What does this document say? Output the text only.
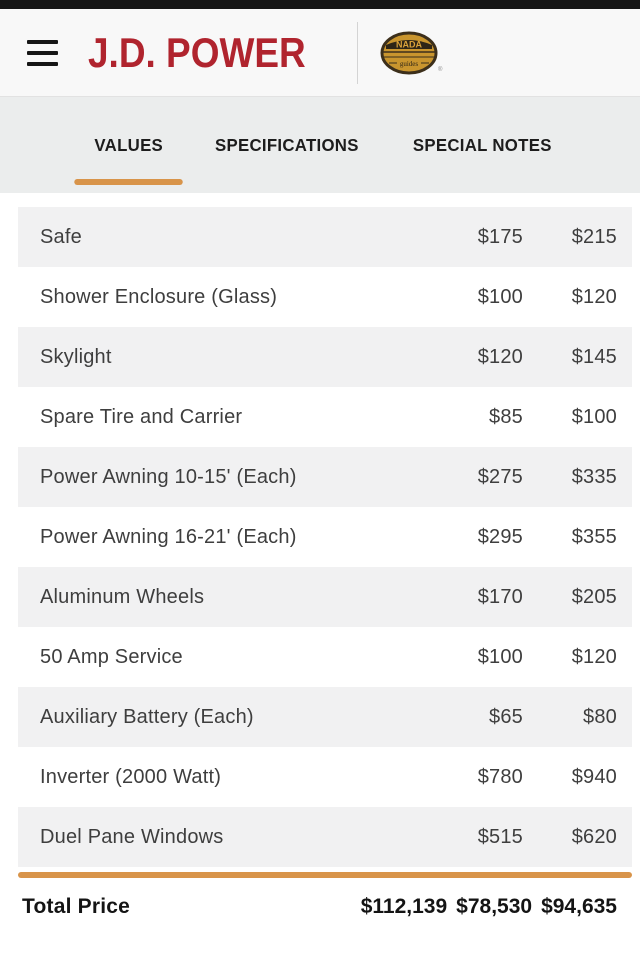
J.D. POWER	NADA
guides
®
VALUES	SPECIFICATIONS	SPECIAL NOTES
Safe	$175	$215
Shower Enclosure (Glass)	$100	$120
Skylight	$120	$145
Spare Tire and Carrier	$85	$100
Power Awning 10-15' (Each)	$275	$335
Power Awning 16-21' (Each)	$295	$355
Aluminum Wheels	$170	$205
50 Amp Service	$100	$120
Auxiliary Battery (Each)	$65	$80
Inverter (2000 Watt)	$780	$940
Duel Pane Windows	$515	$620
Total Price	$112,139 $78,530 $94,635
